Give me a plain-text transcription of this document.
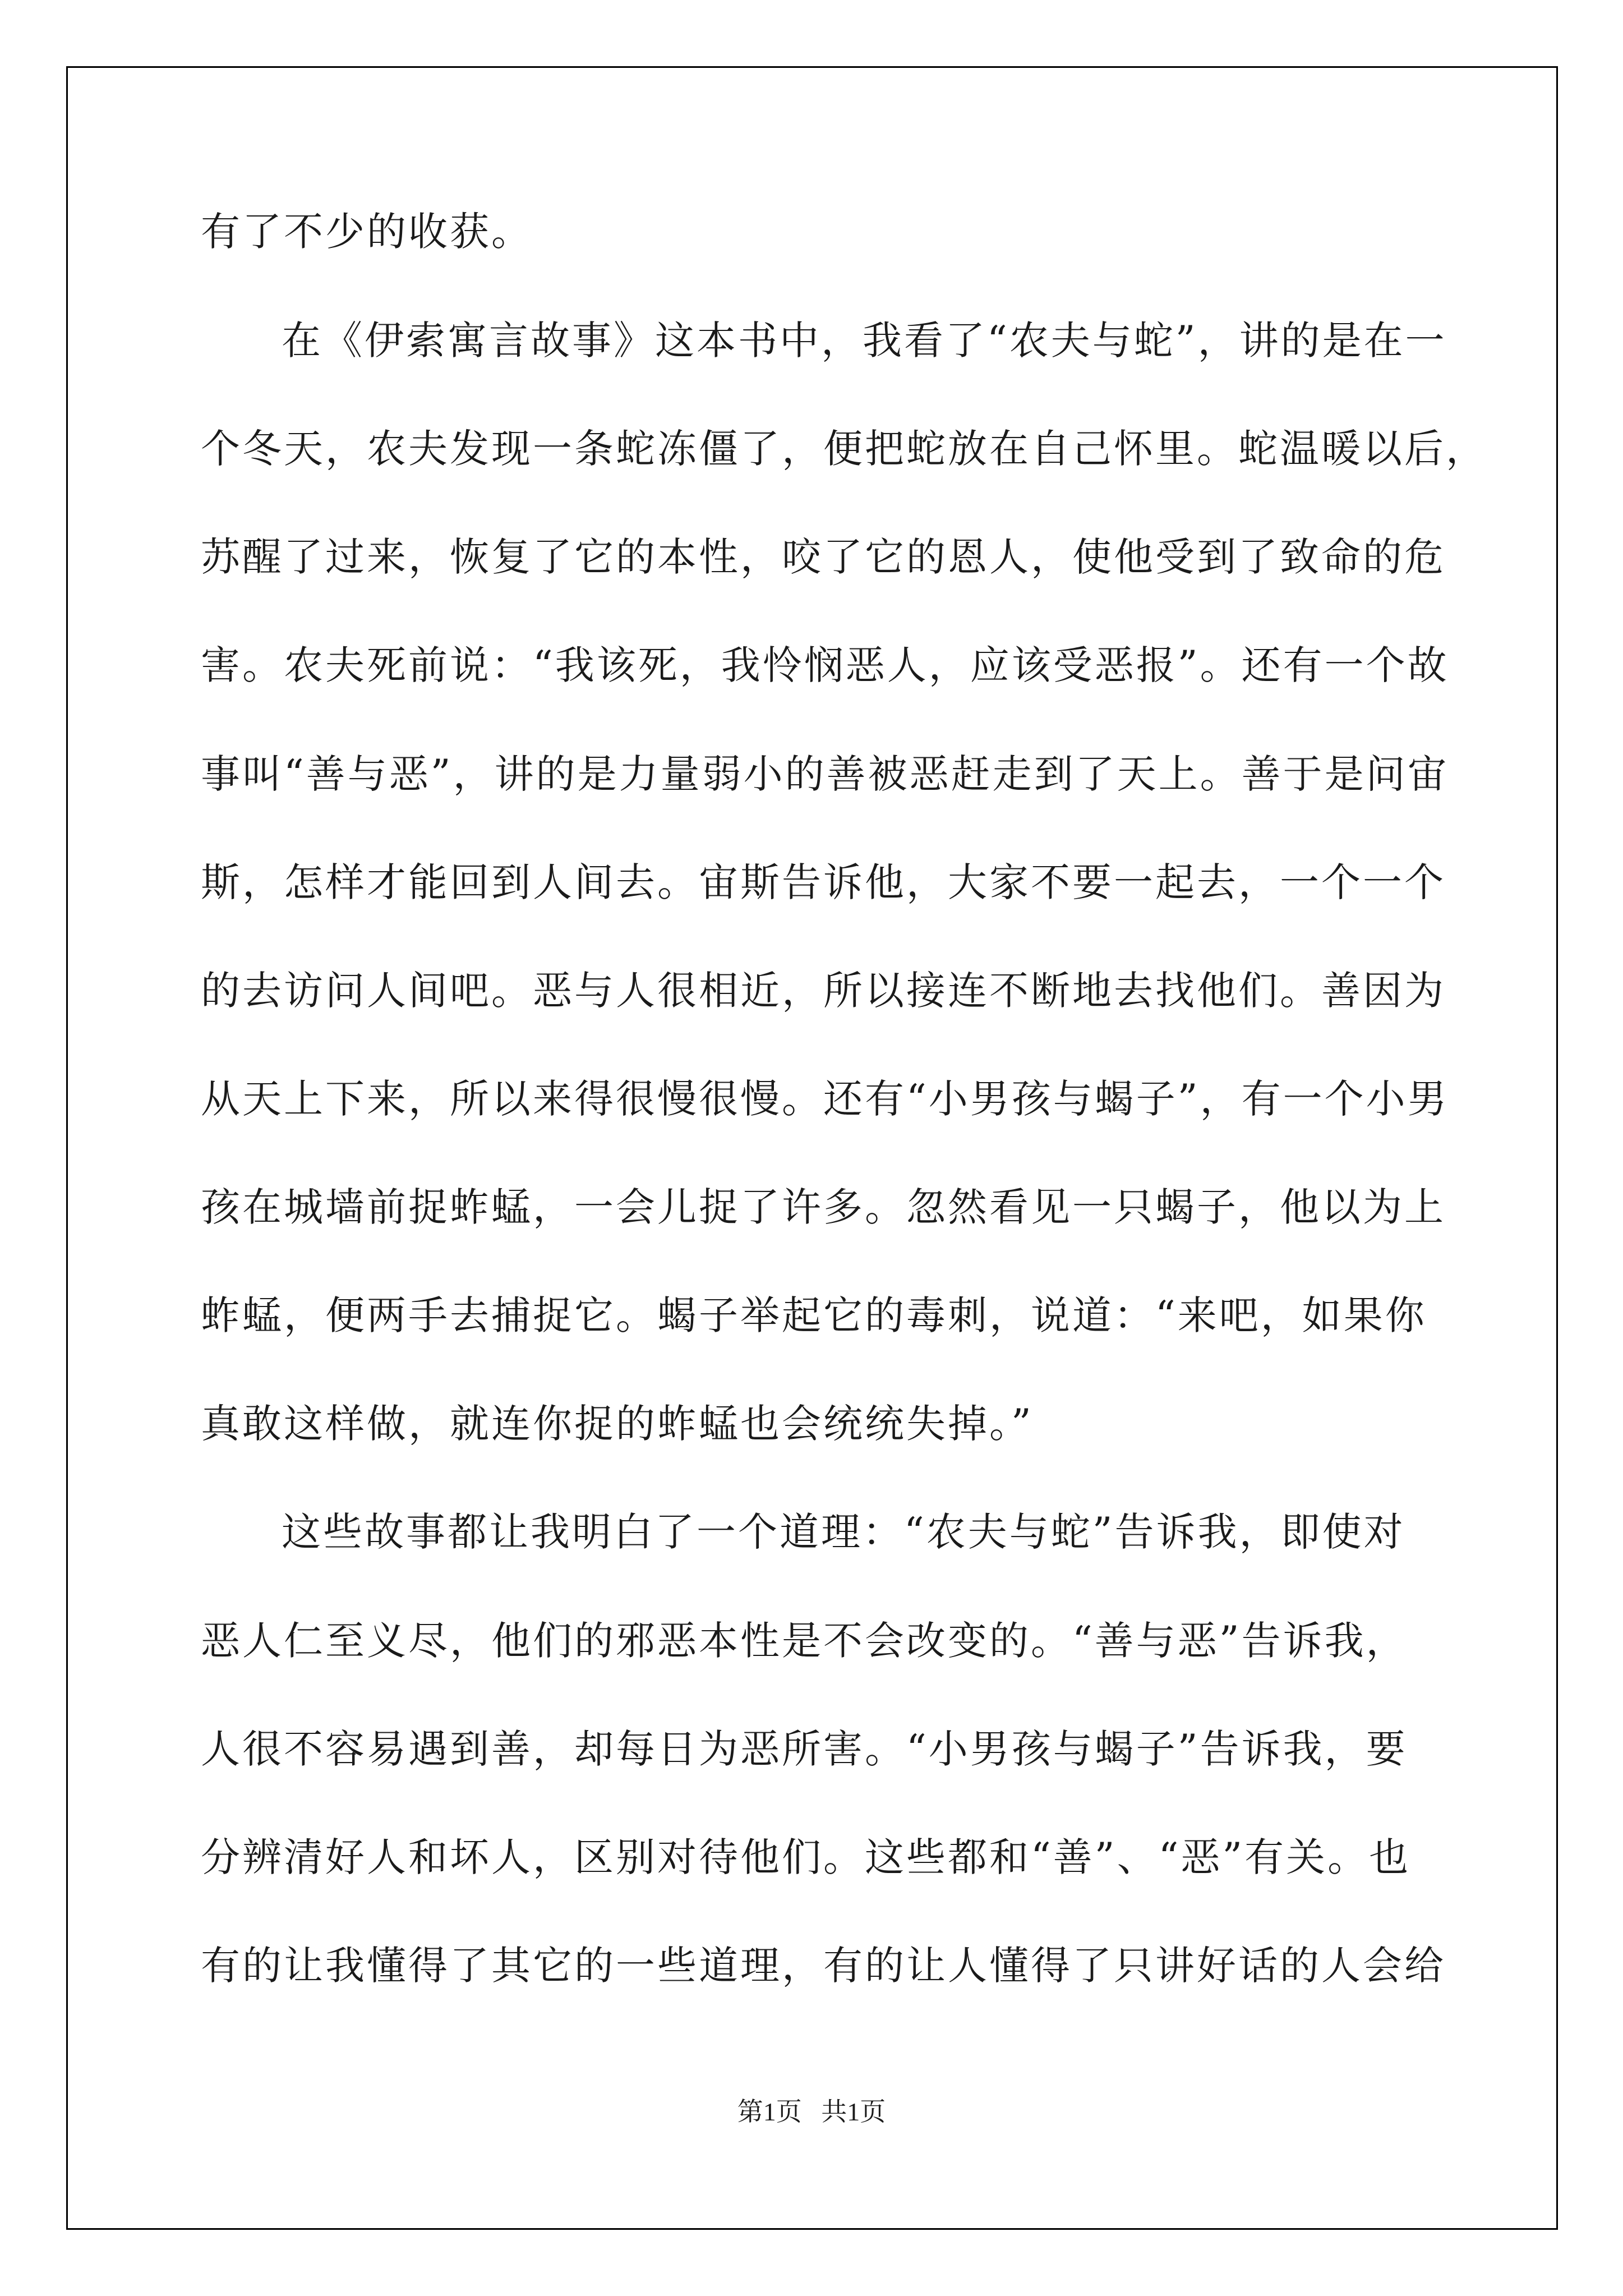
有了不少的收获。
在《伊索寓言故事》这本书中，我看了“农夫与蛇”，讲的是在一
个冬天，农夫发现一条蛇冻僵了，便把蛇放在自己怀里。蛇温暖以后，
苏醒了过来，恢复了它的本性，咬了它的恩人，使他受到了致命的危
害。农夫死前说：“我该死，我怜悯恶人，应该受恶报”。还有一个故
事叫“善与恶”，讲的是力量弱小的善被恶赶走到了天上。善于是问宙
斯，怎样才能回到人间去。宙斯告诉他，大家不要一起去，一个一个
的去访问人间吧。恶与人很相近，所以接连不断地去找他们。善因为
从天上下来，所以来得很慢很慢。还有“小男孩与蝎子”，有一个小男
孩在城墙前捉蚱蜢，一会儿捉了许多。忽然看见一只蝎子，他以为上
蚱蜢，便两手去捕捉它。蝎子举起它的毒刺，说道：“来吧，如果你
真敢这样做，就连你捉的蚱蜢也会统统失掉。”
这些故事都让我明白了一个道理：“农夫与蛇”告诉我，即使对
恶人仁至义尽，他们的邪恶本性是不会改变的。“善与恶”告诉我，
人很不容易遇到善，却每日为恶所害。“小男孩与蝎子”告诉我，要
分辨清好人和坏人，区别对待他们。这些都和“善”、“恶”有关。也
有的让我懂得了其它的一些道理，有的让人懂得了只讲好话的人会给
第1页   共1页
